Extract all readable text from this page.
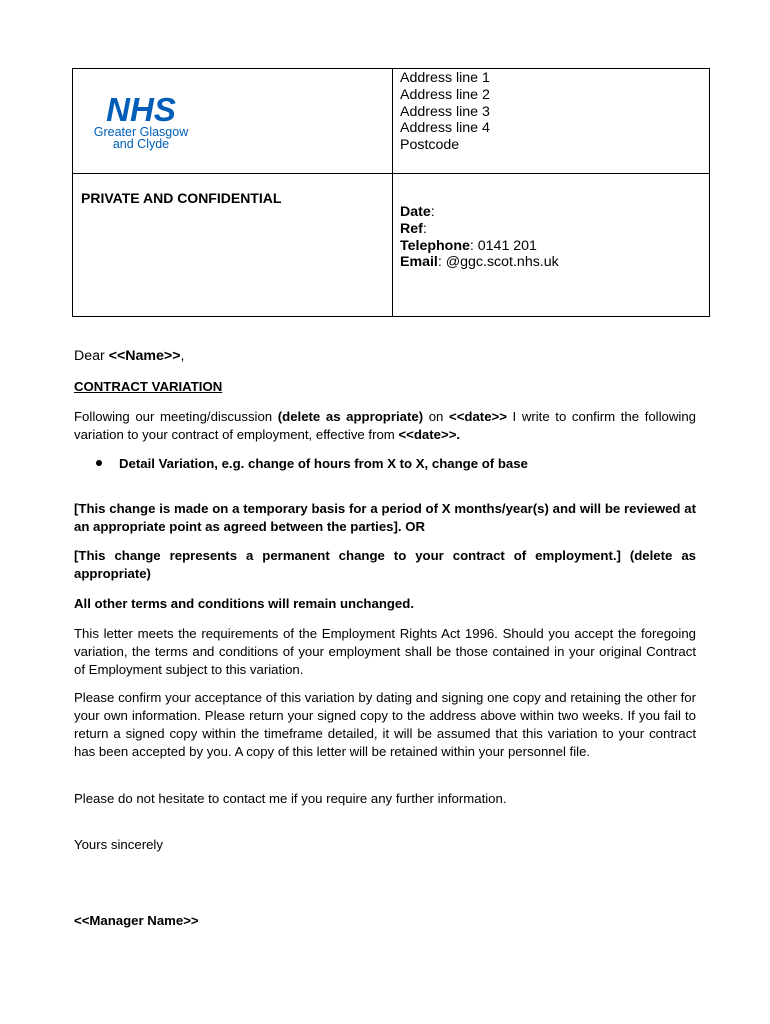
NHS
Greater Glasgow
and Clyde
Address line 1
Address line 2
Address line 3
Address line 4
Postcode
PRIVATE AND CONFIDENTIAL
Date:
Ref:
Telephone: 0141 201
Email: @ggc.scot.nhs.uk
Dear <<Name>>,
CONTRACT VARIATION
Following our meeting/discussion (delete as appropriate) on <<date>> I write to confirm the following variation to your contract of employment, effective from <<date>>.
Detail Variation, e.g. change of hours from X to X, change of base
[This change is made on a temporary basis for a period of X months/year(s) and will be reviewed at an appropriate point as agreed between the parties]. OR
[This change represents a permanent change to your contract of employment.] (delete as appropriate)
All other terms and conditions will remain unchanged.
This letter meets the requirements of the Employment Rights Act 1996. Should you accept the foregoing variation, the terms and conditions of your employment shall be those contained in your original Contract of Employment subject to this variation.
Please confirm your acceptance of this variation by dating and signing one copy and retaining the other for your own information. Please return your signed copy to the address above within two weeks. If you fail to return a signed copy within the timeframe detailed, it will be assumed that this variation to your contract has been accepted by you. A copy of this letter will be retained within your personnel file.
Please do not hesitate to contact me if you require any further information.
Yours sincerely
<<Manager Name>>
